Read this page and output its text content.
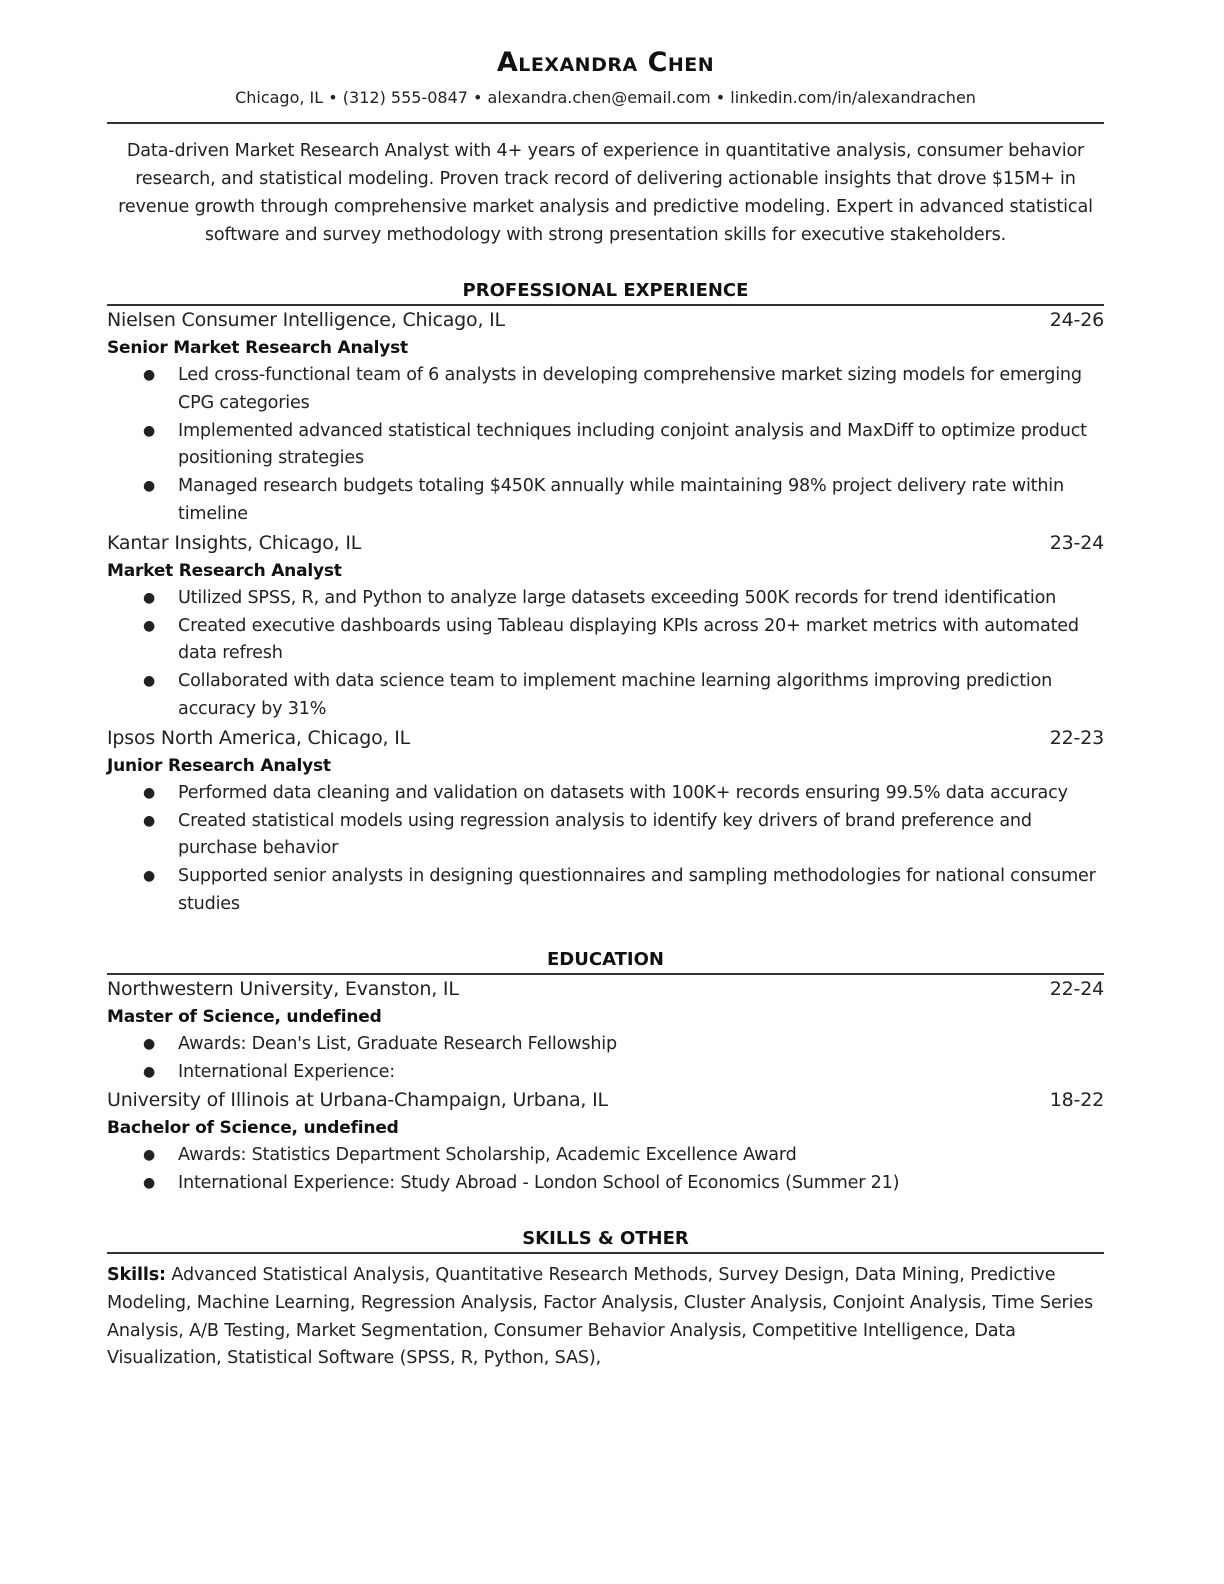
Alexandra Chen
Chicago, IL • (312) 555-0847 • alexandra.chen@email.com • linkedin.com/in/alexandrachen
Data-driven Market Research Analyst with 4+ years of experience in quantitative analysis, consumer behavior research, and statistical modeling. Proven track record of delivering actionable insights that drove $15M+ in revenue growth through comprehensive market analysis and predictive modeling. Expert in advanced statistical software and survey methodology with strong presentation skills for executive stakeholders.
PROFESSIONAL EXPERIENCE
Nielsen Consumer Intelligence, Chicago, IL	24-26
Senior Market Research Analyst
● Led cross-functional team of 6 analysts in developing comprehensive market sizing models for emerging CPG categories
● Implemented advanced statistical techniques including conjoint analysis and MaxDiff to optimize product positioning strategies
● Managed research budgets totaling $450K annually while maintaining 98% project delivery rate within timeline
Kantar Insights, Chicago, IL	23-24
Market Research Analyst
● Utilized SPSS, R, and Python to analyze large datasets exceeding 500K records for trend identification
● Created executive dashboards using Tableau displaying KPIs across 20+ market metrics with automated data refresh
● Collaborated with data science team to implement machine learning algorithms improving prediction accuracy by 31%
Ipsos North America, Chicago, IL	22-23
Junior Research Analyst
● Performed data cleaning and validation on datasets with 100K+ records ensuring 99.5% data accuracy
● Created statistical models using regression analysis to identify key drivers of brand preference and purchase behavior
● Supported senior analysts in designing questionnaires and sampling methodologies for national consumer studies
EDUCATION
Northwestern University, Evanston, IL	22-24
Master of Science, undefined
● Awards: Dean's List, Graduate Research Fellowship
● International Experience:
University of Illinois at Urbana-Champaign, Urbana, IL	18-22
Bachelor of Science, undefined
● Awards: Statistics Department Scholarship, Academic Excellence Award
● International Experience: Study Abroad - London School of Economics (Summer 21)
SKILLS & OTHER
Skills: Advanced Statistical Analysis, Quantitative Research Methods, Survey Design, Data Mining, Predictive Modeling, Machine Learning, Regression Analysis, Factor Analysis, Cluster Analysis, Conjoint Analysis, Time Series Analysis, A/B Testing, Market Segmentation, Consumer Behavior Analysis, Competitive Intelligence, Data Visualization, Statistical Software (SPSS, R, Python, SAS),
